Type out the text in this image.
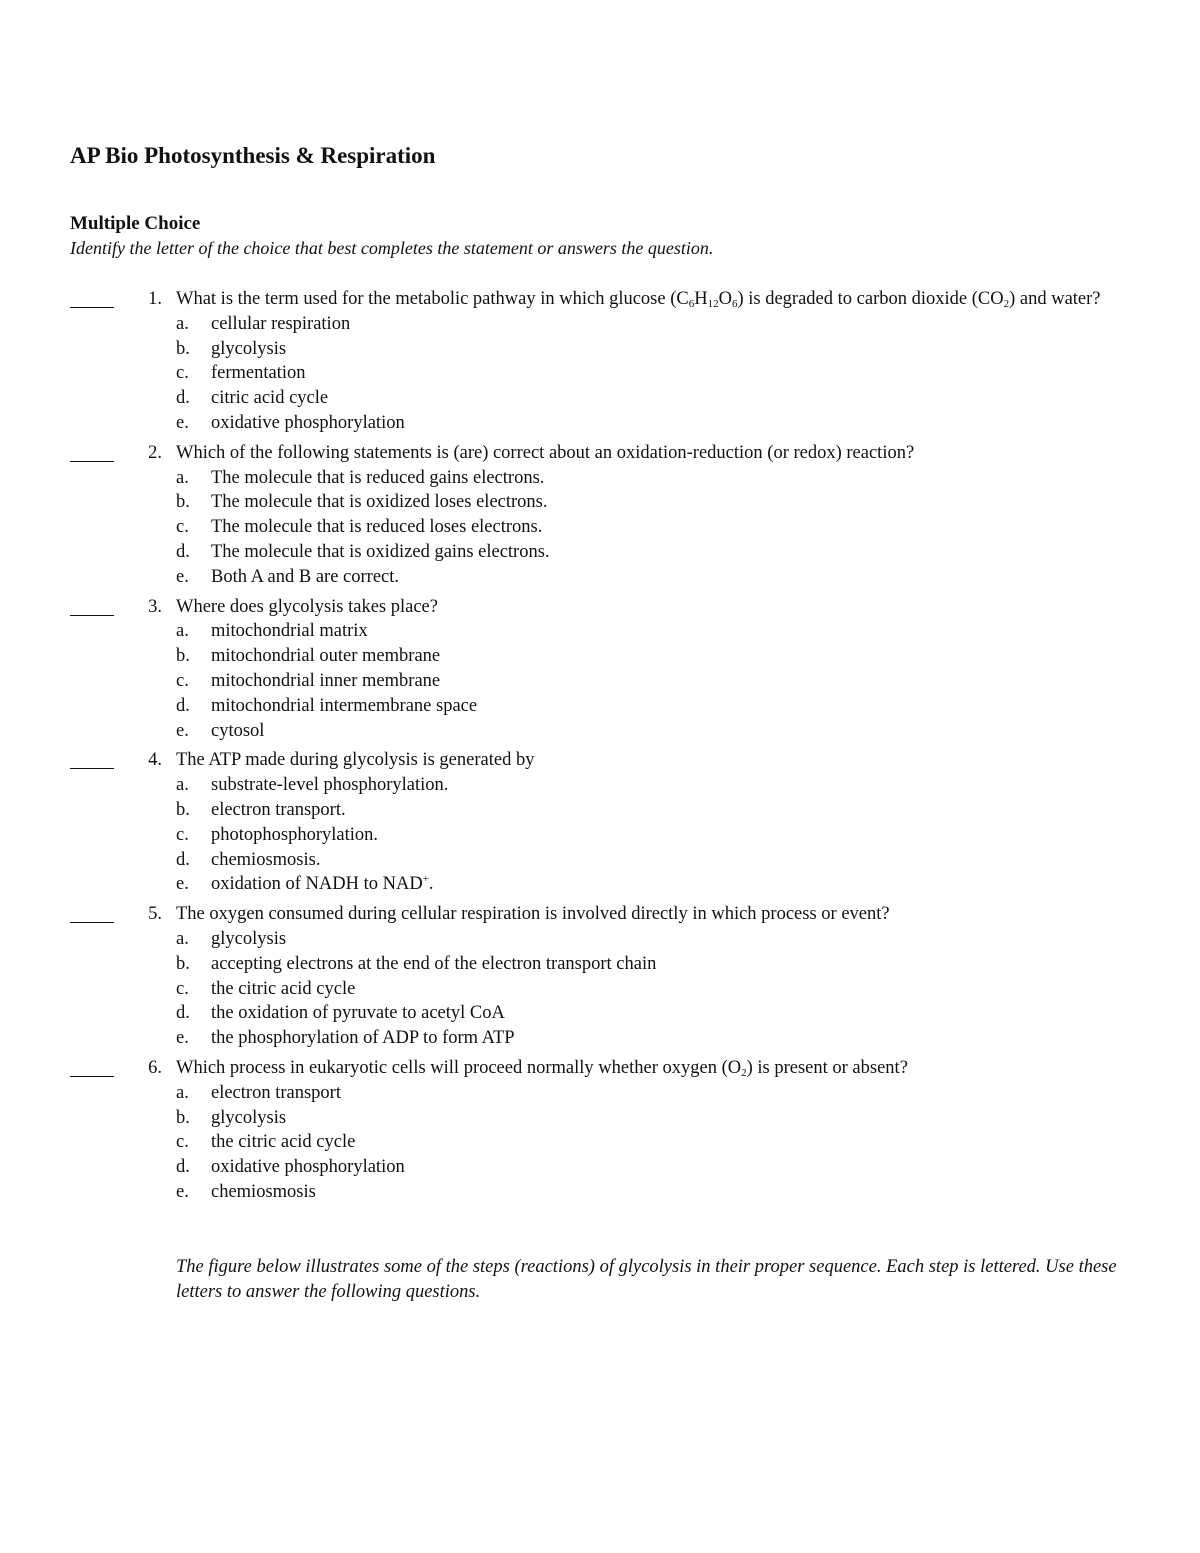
AP Bio Photosynthesis & Respiration
Multiple Choice
Identify the letter of the choice that best completes the statement or answers the question.
1. What is the term used for the metabolic pathway in which glucose $(C_6H_{12}O_6)$ is degraded to carbon dioxide $(CO_2)$ and water?
a. cellular respiration
b. glycolysis
c. fermentation
d. citric acid cycle
e. oxidative phosphorylation
2. Which of the following statements is (are) correct about an oxidation-reduction (or redox) reaction?
a. The molecule that is reduced gains electrons.
b. The molecule that is oxidized loses electrons.
c. The molecule that is reduced loses electrons.
d. The molecule that is oxidized gains electrons.
e. Both A and B are correct.
3. Where does glycolysis takes place?
a. mitochondrial matrix
b. mitochondrial outer membrane
c. mitochondrial inner membrane
d. mitochondrial intermembrane space
e. cytosol
4. The ATP made during glycolysis is generated by
a. substrate-level phosphorylation.
b. electron transport.
c. photophosphorylation.
d. chemiosmosis.
e. oxidation of NADH to NAD+.
5. The oxygen consumed during cellular respiration is involved directly in which process or event?
a. glycolysis
b. accepting electrons at the end of the electron transport chain
c. the citric acid cycle
d. the oxidation of pyruvate to acetyl CoA
e. the phosphorylation of ADP to form ATP
6. Which process in eukaryotic cells will proceed normally whether oxygen $(O_2)$ is present or absent?
a. electron transport
b. glycolysis
c. the citric acid cycle
d. oxidative phosphorylation
e. chemiosmosis
The figure below illustrates some of the steps (reactions) of glycolysis in their proper sequence. Each step is lettered. Use these letters to answer the following questions.
